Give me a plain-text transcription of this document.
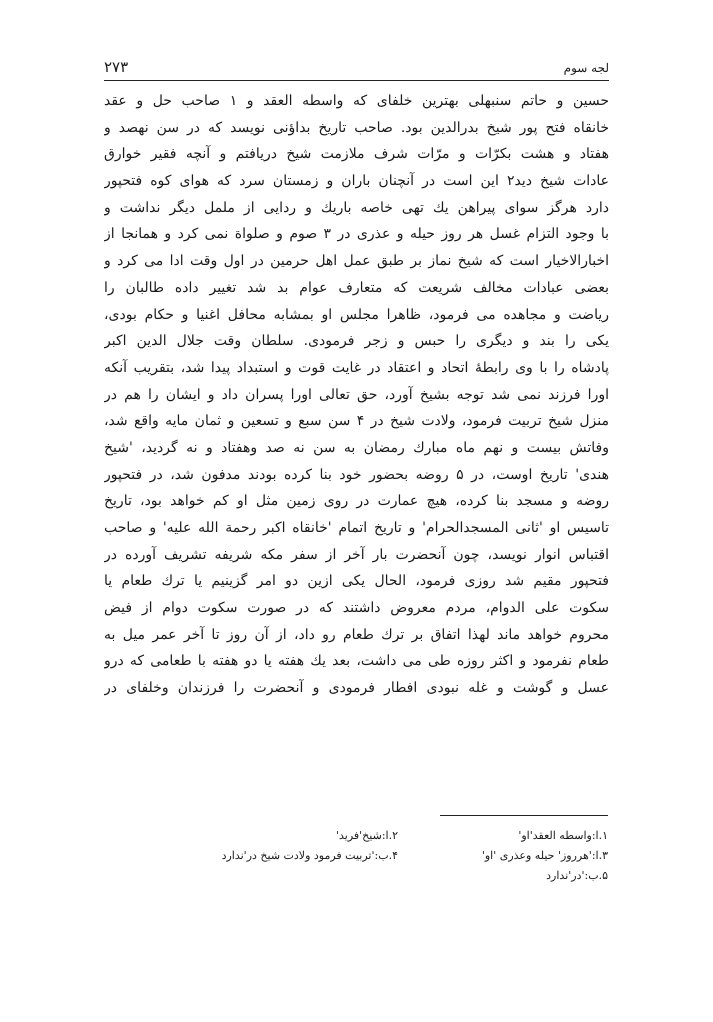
۲۷۳	لجه سوم
حسین و حاتم سنبهلی بهترین خلفای که واسطه العقد و ۱ صاحب حل و عقد
خانقاه فتح پور شیخ بدرالدین بود. صاحب تاریخ بداؤنی نویسد که در سن نهصد و
هفتاد و هشت بکرّات و مرّات شرف ملازمت شیخ دریافتم و آنچه فقیر خوارق
عادات شیخ دید۲ این است در آنچنان باران و زمستان سرد که هوای کوه فتحپور
دارد هرگز سوای پیراهن یك تهی خاصه باریك و ردایی از ململ دیگر نداشت و
با وجود التزام غسل هر روز حیله و عذری در ۳ صوم و صلواة نمی کرد و همانجا از
اخبارالاخیار است که شیخ نماز بر طبق عمل اهل حرمین در اول وقت ادا می کرد و
بعضی عبادات مخالف شریعت که متعارف عوام بد شد تغییر داده طالبان را
ریاضت و مجاهده می فرمود، ظاهرا مجلس او بمشابه محافل اغنیا و حکام بودی،
یکی را بند و دیگری را حبس و زجر فرمودی. سلطان وقت جلال الدین اکبر
پادشاه را با وی رابطهٔ اتحاد و اعتقاد در غایت قوت و استبداد پیدا شد، بتقریب آنکه
اورا فرزند نمی شد توجه بشیخ آورد، حق تعالی اورا پسران داد و ایشان را هم در
منزل شیخ تربیت فرمود، ولادت شیخ در ۴ سن سبع و تسعین و ثمان مایه واقع شد،
وفاتش بیست و نهم ماه مبارك رمضان به سن نه صد وهفتاد و نه گردید، 'شیخ
هندی' تاریخ اوست، در ۵ روضه بحضور خود بنا کرده بودند مدفون شد، در فتحپور
روضه و مسجد بنا کرده، هیچ عمارت در روی زمین مثل او کم خواهد بود، تاریخ
تاسیس او 'ثانی المسجدالحرام' و تاریخ اتمام 'خانقاه اکبر رحمة الله علیه' و صاحب
اقتباس انوار نویسد، چون آنحضرت بار آخر از سفر مکه شریفه تشریف آورده در
فتحپور مقیم شد روزی فرمود، الحال یکی ازین دو امر گزینیم یا ترك طعام یا
سکوت علی الدوام، مردم معروض داشتند که در صورت سکوت دوام از فیض
محروم خواهد ماند لهذا اتفاق بر ترك طعام رو داد، از آن روز تا آخر عمر میل به
طعام نفرمود و اکثر روزه طی می داشت، بعد یك هفته یا دو هفته با طعامی که درو
عسل و گوشت و غله نبودی افطار فرمودی و آنحضرت را فرزندان وخلفای در
۱.ا:واسطه العقد'او'
۲.ا:شیخ'فرید'
۳.ا:'هرروز' حیله وعذری 'او'
۴.ب:'تربیت فرمود ولادت شیخ در'ندارد
۵.ب:'در'ندارد
